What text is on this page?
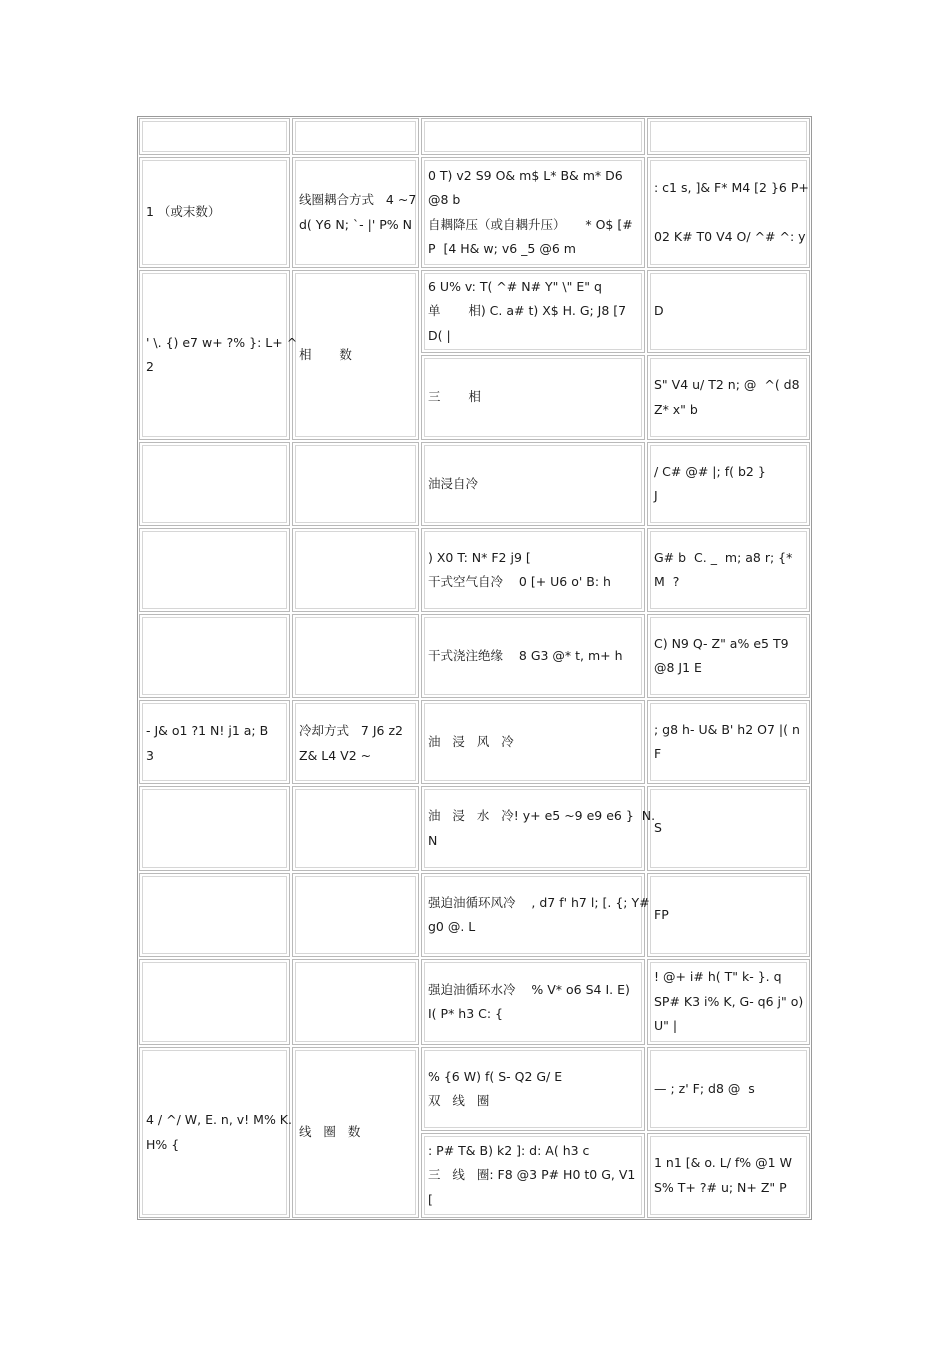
1 （或末数）
线圈耦合方式   4 ~7
d( Y6 N; `- |' P% N
0 T) v2 S9 O& m$ L* B& m* D6
@8 b
自耦降压（或自耦升压）     * O$ [#
P  [4 H& w; v6 _5 @6 m
: c1 s, ]& F* M4 [2 }6 P+
02 K# T0 V4 O/ ^# ^: y
' \. {) e7 w+ ?% }: L+ ^
2
相       数
6 U% v: T( ^# N# Y" \" E" q
单       相) C. a# t) X$ H. G; J8 [7
D( |
D
三       相
S" V4 u/ T2 n; @  ^( d8
Z* x" b
- J& o1 ?1 N! j1 a; B
3
冷却方式   7 J6 z2
Z& L4 V2 ~
油浸自冷
/ C# @# |; f( b2 }
J
) X0 T: N* F2 j9 [
干式空气自冷    0 [+ U6 o' B: h
G# b  C. _  m; a8 r; {*
M  ?
干式浇注绝缘    8 G3 @* t, m+ h
C) N9 Q- Z" a% e5 T9
@8 J1 E
油   浸   风   冷
; g8 h- U& B' h2 O7 |( n
F
油   浸   水   冷! y+ e5 ~9 e9 e6 }  N.
N
S
强迫油循环风冷    , d7 f' h7 l; [. {; Y#
g0 @. L
FP
强迫油循环水冷    % V* o6 S4 I. E)
I( P* h3 C: {
! @+ i# h( T" k- }. q
SP# K3 i% K, G- q6 j" o)
U" |
4 / ^/ W, E. n, v! M% K.
H% {
线   圈   数
% {6 W) f( S- Q2 G/ E
双   线   圈
— ; z' F; d8 @  s
: P# T& B) k2 ]: d: A( h3 c
三   线   圈: F8 @3 P# H0 t0 G, V1
[
1 n1 [& o. L/ f% @1 W
S% T+ ?# u; N+ Z" P
